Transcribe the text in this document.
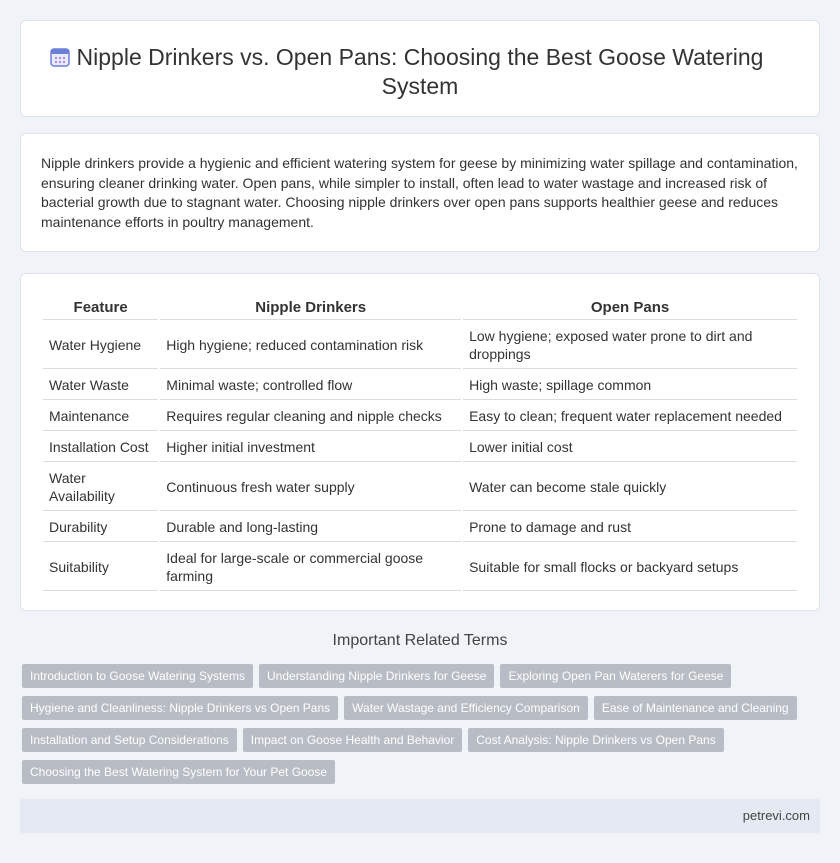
Nipple Drinkers vs. Open Pans: Choosing the Best Goose Watering System

Nipple drinkers provide a hygienic and efficient watering system for geese by minimizing water spillage and contamination, ensuring cleaner drinking water. Open pans, while simpler to install, often lead to water wastage and increased risk of bacterial growth due to stagnant water. Choosing nipple drinkers over open pans supports healthier geese and reduces maintenance efforts in poultry management.

Feature	Nipple Drinkers	Open Pans
Water Hygiene	High hygiene; reduced contamination risk	Low hygiene; exposed water prone to dirt and droppings
Water Waste	Minimal waste; controlled flow	High waste; spillage common
Maintenance	Requires regular cleaning and nipple checks	Easy to clean; frequent water replacement needed
Installation Cost	Higher initial investment	Lower initial cost
Water Availability	Continuous fresh water supply	Water can become stale quickly
Durability	Durable and long-lasting	Prone to damage and rust
Suitability	Ideal for large-scale or commercial goose farming	Suitable for small flocks or backyard setups
Important Related Terms
Introduction to Goose Watering Systems	Understanding Nipple Drinkers for Geese	Exploring Open Pan Waterers for Geese
Hygiene and Cleanliness: Nipple Drinkers vs Open Pans	Water Wastage and Efficiency Comparison	Ease of Maintenance and Cleaning
Installation and Setup Considerations	Impact on Goose Health and Behavior	Cost Analysis: Nipple Drinkers vs Open Pans
Choosing the Best Watering System for Your Pet Goose
petrevi.com
